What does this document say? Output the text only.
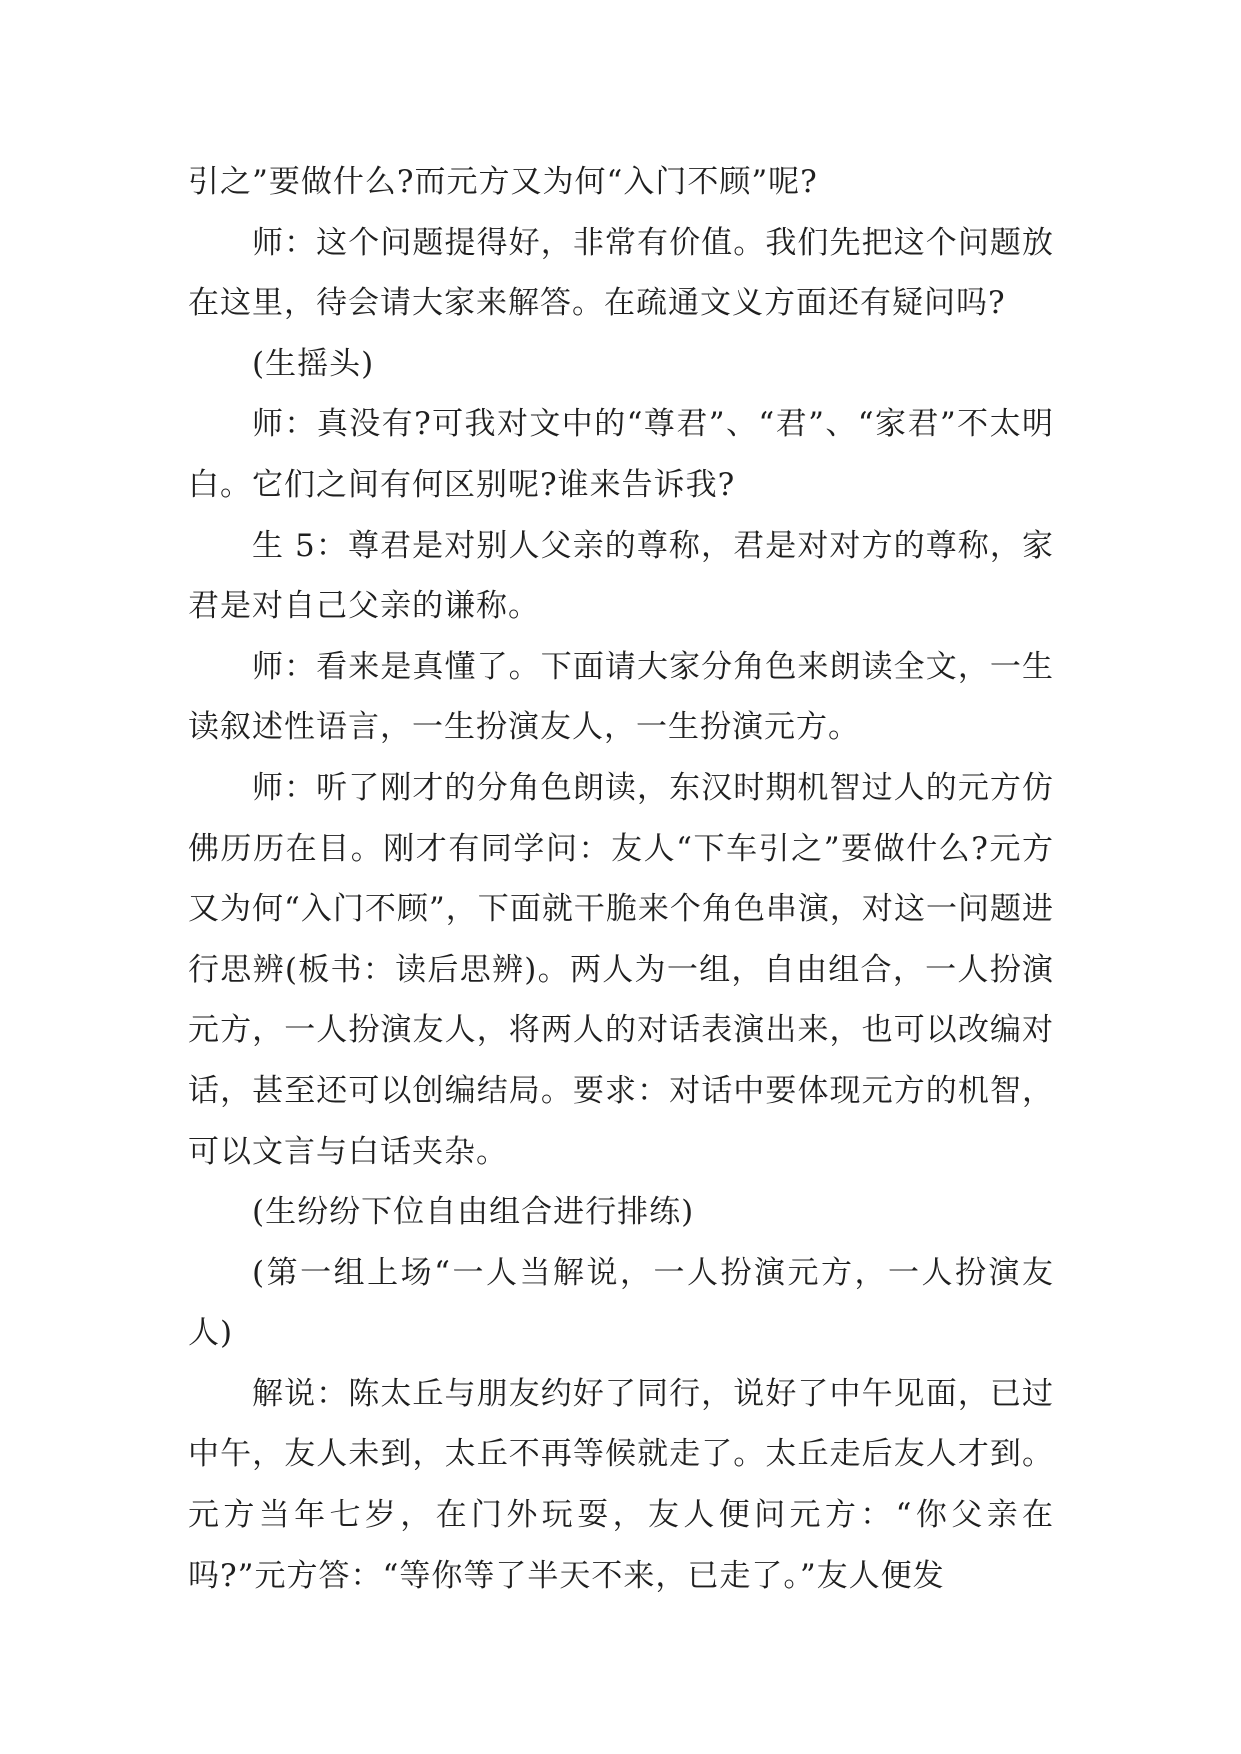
引之”要做什么?而元方又为何“入门不顾”呢?

师：这个问题提得好，非常有价值。我们先把这个问题放在这里，待会请大家来解答。在疏通文义方面还有疑问吗?

(生摇头)

师：真没有?可我对文中的“尊君”、“君”、“家君”不太明白。它们之间有何区别呢?谁来告诉我?

生 5：尊君是对别人父亲的尊称，君是对对方的尊称，家君是对自己父亲的谦称。

师：看来是真懂了。下面请大家分角色来朗读全文，一生读叙述性语言，一生扮演友人，一生扮演元方。

师：听了刚才的分角色朗读，东汉时期机智过人的元方仿佛历历在目。刚才有同学问：友人“下车引之”要做什么?元方又为何“入门不顾”，下面就干脆来个角色串演，对这一问题进行思辨(板书：读后思辨)。两人为一组，自由组合，一人扮演元方，一人扮演友人，将两人的对话表演出来，也可以改编对话，甚至还可以创编结局。要求：对话中要体现元方的机智，可以文言与白话夹杂。

(生纷纷下位自由组合进行排练)

(第一组上场“一人当解说，一人扮演元方，一人扮演友人)

解说：陈太丘与朋友约好了同行，说好了中午见面，已过中午，友人未到，太丘不再等候就走了。太丘走后友人才到。元方当年七岁，在门外玩耍，友人便问元方：“你父亲在吗?”元方答：“等你等了半天不来，已走了。”友人便发
